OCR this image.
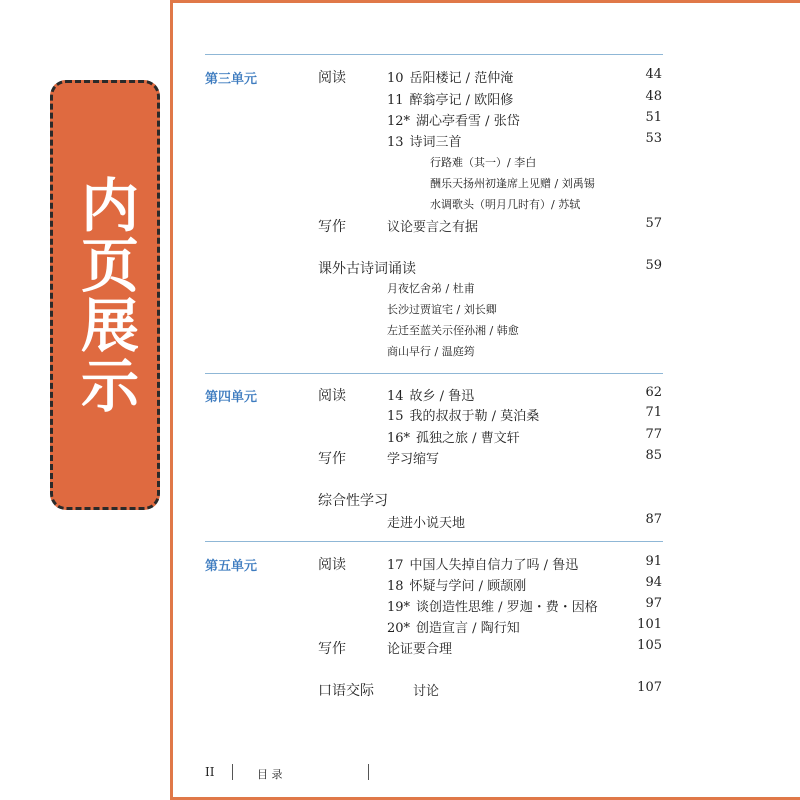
内页展示
第三单元	阅读	10 岳阳楼记 / 范仲淹	44
11 醉翁亭记 / 欧阳修	48
12* 湖心亭看雪 / 张岱	51
13 诗词三首	53
行路难（其一）/ 李白
酬乐天扬州初逢席上见赠 / 刘禹锡
水调歌头（明月几时有）/ 苏轼
写作	议论要言之有据	57
课外古诗词诵读	59
月夜忆舍弟 / 杜甫
长沙过贾谊宅 / 刘长卿
左迁至蓝关示侄孙湘 / 韩愈
商山早行 / 温庭筠
第四单元	阅读	14 故乡 / 鲁迅	62
15 我的叔叔于勒 / 莫泊桑	71
16* 孤独之旅 / 曹文轩	77
写作	学习缩写	85
综合性学习
走进小说天地	87
第五单元	阅读	17 中国人失掉自信力了吗 / 鲁迅	91
18 怀疑与学问 / 顾颉刚	94
19* 谈创造性思维 / 罗迦・费・因格	97
20* 创造宣言 / 陶行知	101
写作	论证要合理	105
口语交际	讨论	107
II	目 录
